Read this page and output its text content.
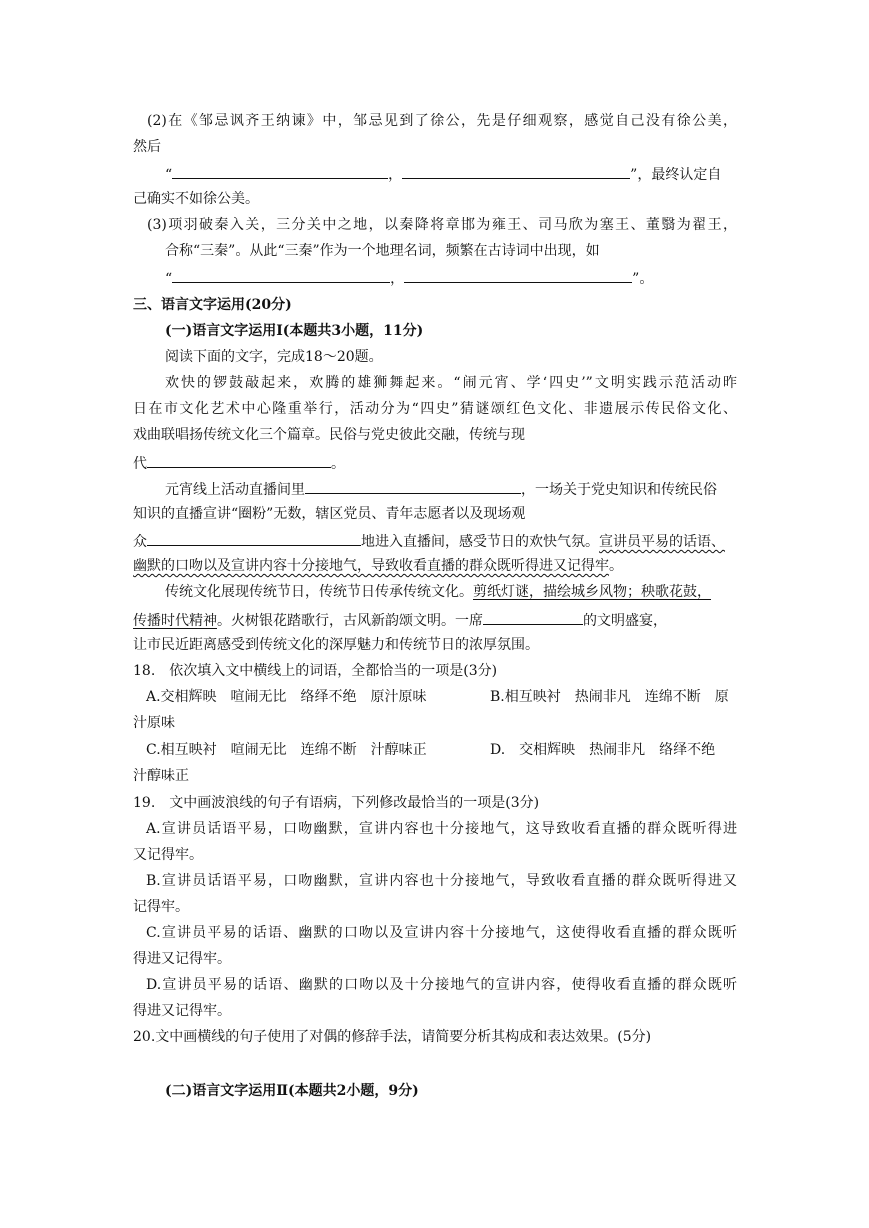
(2)在《邹忌讽齐王纳谏》中，邹忌见到了徐公，先是仔细观察，感觉自己没有徐公美，
然后
“	，	”，最终认定自
己确实不如徐公美。
(3)项羽破秦入关，三分关中之地，以秦降将章邯为雍王、司马欣为塞王、董翳为翟王，
合称“三秦”。从此“三秦”作为一个地理名词，频繁在古诗词中出现，如
“	，	”。
三、语言文字运用(20分)
(一)语言文字运用Ⅰ(本题共3小题，11分)
阅读下面的文字，完成18～20题。
欢快的锣鼓敲起来，欢腾的雄狮舞起来。“闹元宵、学‘四史’”文明实践示范活动昨
日在市文化艺术中心隆重举行，活动分为“四史”猜谜颂红色文化、非遗展示传民俗文化、
戏曲联唱扬传统文化三个篇章。民俗与党史彼此交融，传统与现
代	。
元宵线上活动直播间里	，一场关于党史知识和传统民俗
知识的直播宣讲“圈粉”无数，辖区党员、青年志愿者以及现场观
众	地进入直播间，感受节日的欢快气氛。宣讲员平易的话语、
幽默的口吻以及宣讲内容十分接地气，导致收看直播的群众既听得进又记得牢。
传统文化展现传统节日，传统节日传承传统文化。剪纸灯谜，描绘城乡风物；秧歌花鼓，
传播时代精神。火树银花踏歌行，古风新韵颂文明。一席	的文明盛宴，
让市民近距离感受到传统文化的深厚魅力和传统节日的浓厚氛围。
18.　依次填入文中横线上的词语，全都恰当的一项是(3分)
A.交相辉映　喧闹无比　络绎不绝　原汁原味	B.相互映衬　热闹非凡　连绵不断　原
汁原味
C.相互映衬　喧闹无比　连绵不断　汁醇味正	D.　交相辉映　热闹非凡　络绎不绝
汁醇味正
19.　文中画波浪线的句子有语病，下列修改最恰当的一项是(3分)
A.宣讲员话语平易，口吻幽默，宣讲内容也十分接地气，这导致收看直播的群众既听得进
又记得牢。
B.宣讲员话语平易，口吻幽默，宣讲内容也十分接地气，导致收看直播的群众既听得进又
记得牢。
C.宣讲员平易的话语、幽默的口吻以及宣讲内容十分接地气，这使得收看直播的群众既听
得进又记得牢。
D.宣讲员平易的话语、幽默的口吻以及十分接地气的宣讲内容，使得收看直播的群众既听
得进又记得牢。
20.文中画横线的句子使用了对偶的修辞手法，请简要分析其构成和表达效果。(5分)
(二)语言文字运用Ⅱ(本题共2小题，9分)
